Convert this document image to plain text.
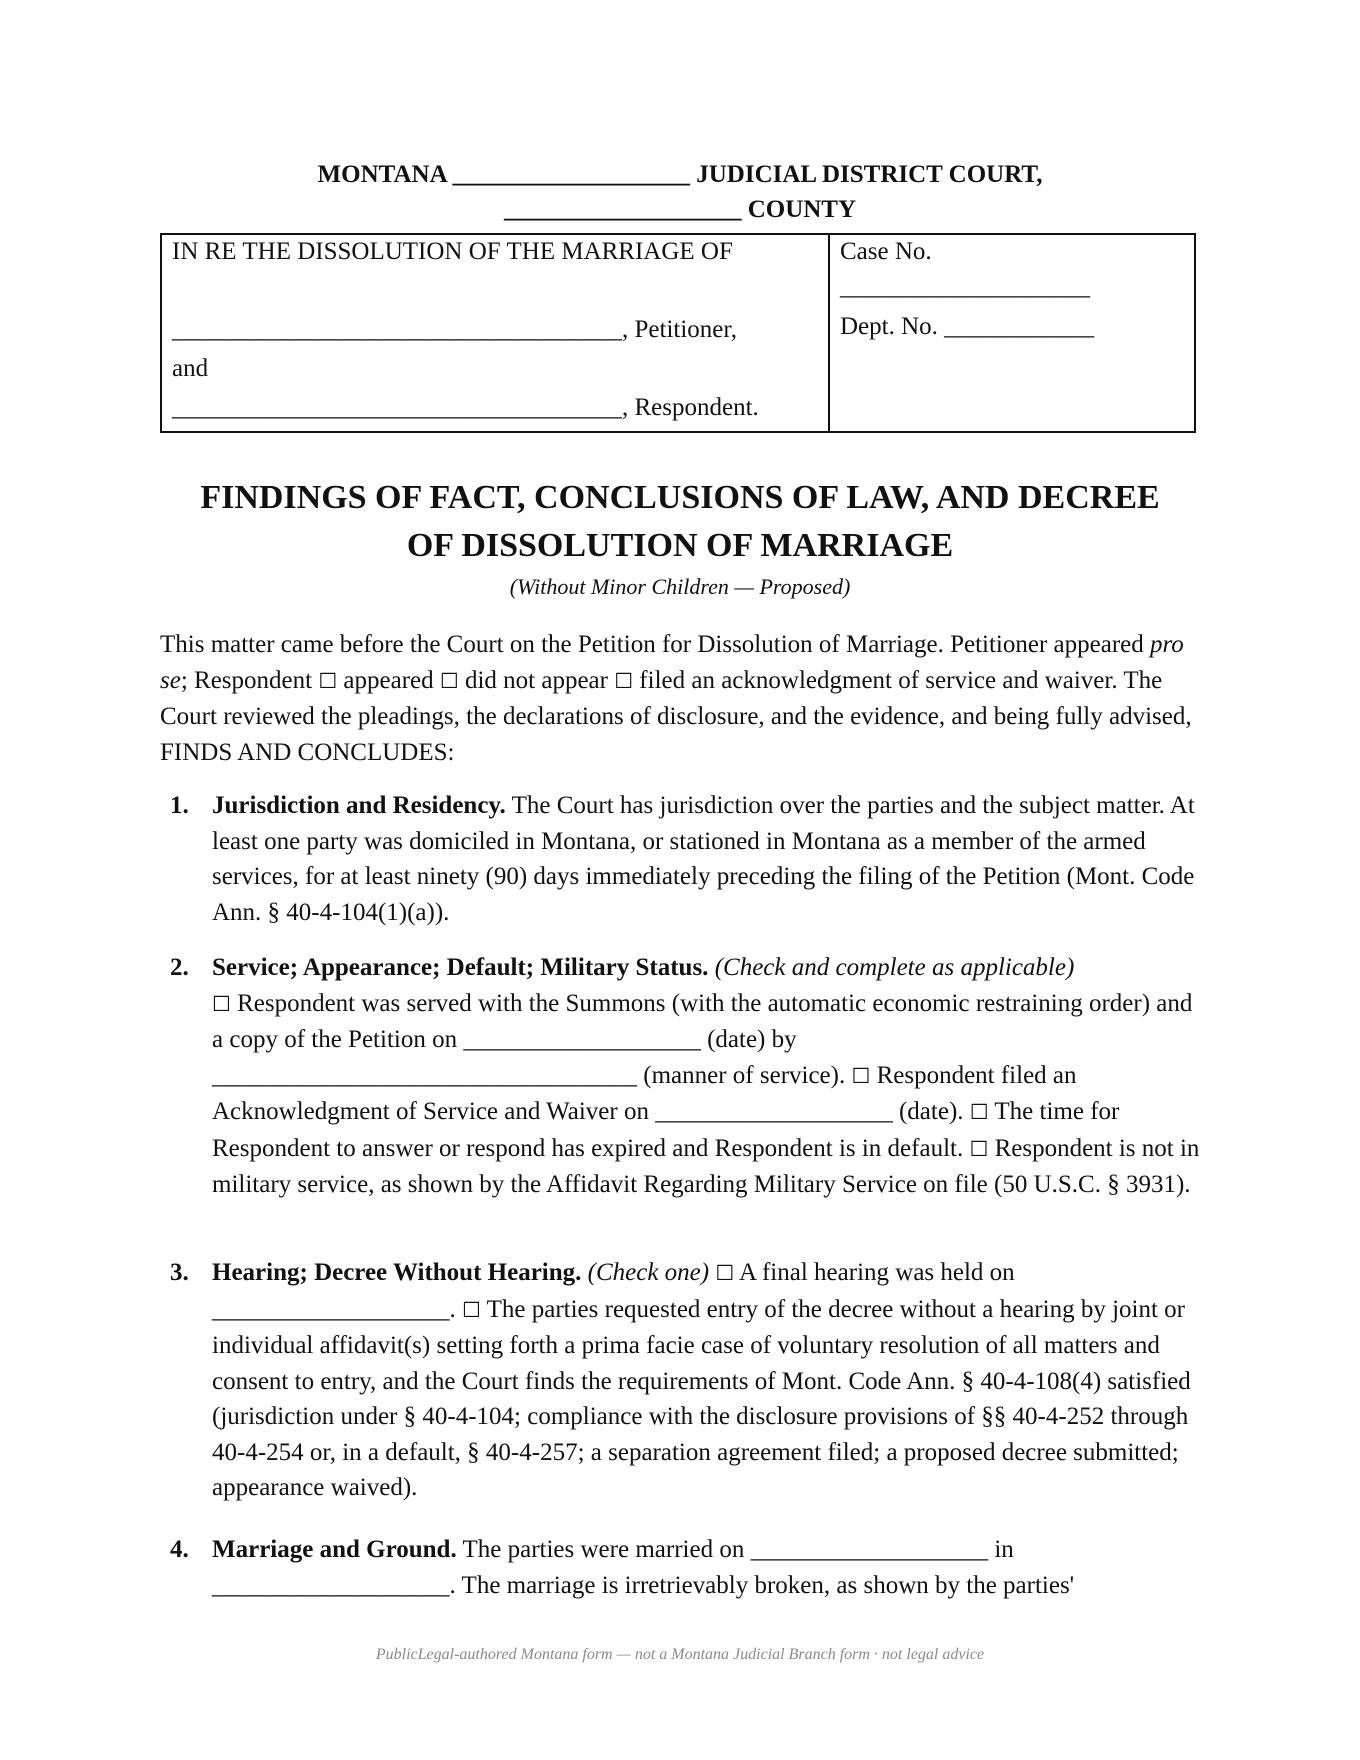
MONTANA ___________________ JUDICIAL DISTRICT COURT,
___________________ COUNTY
IN RE THE DISSOLUTION OF THE MARRIAGE OF
____________________________________, Petitioner,
and
____________________________________, Respondent.
Case No.
____________________
Dept. No. ____________
FINDINGS OF FACT, CONCLUSIONS OF LAW, AND DECREE
OF DISSOLUTION OF MARRIAGE
(Without Minor Children — Proposed)
This matter came before the Court on the Petition for Dissolution of Marriage. Petitioner appeared pro se; Respondent ☐ appeared ☐ did not appear ☐ filed an acknowledgment of service and waiver. The Court reviewed the pleadings, the declarations of disclosure, and the evidence, and being fully advised, FINDS AND CONCLUDES:
1. Jurisdiction and Residency. The Court has jurisdiction over the parties and the subject matter. At least one party was domiciled in Montana, or stationed in Montana as a member of the armed services, for at least ninety (90) days immediately preceding the filing of the Petition (Mont. Code Ann. § 40-4-104(1)(a)).
2. Service; Appearance; Default; Military Status. (Check and complete as applicable)
☐ Respondent was served with the Summons (with the automatic economic restraining order) and a copy of the Petition on ___________________ (date) by __________________________________ (manner of service). ☐ Respondent filed an Acknowledgment of Service and Waiver on ___________________ (date). ☐ The time for Respondent to answer or respond has expired and Respondent is in default. ☐ Respondent is not in military service, as shown by the Affidavit Regarding Military Service on file (50 U.S.C. § 3931).
3. Hearing; Decree Without Hearing. (Check one) ☐ A final hearing was held on ___________________. ☐ The parties requested entry of the decree without a hearing by joint or individual affidavit(s) setting forth a prima facie case of voluntary resolution of all matters and consent to entry, and the Court finds the requirements of Mont. Code Ann. § 40-4-108(4) satisfied (jurisdiction under § 40-4-104; compliance with the disclosure provisions of §§ 40-4-252 through 40-4-254 or, in a default, § 40-4-257; a separation agreement filed; a proposed decree submitted; appearance waived).
4. Marriage and Ground. The parties were married on ___________________ in ___________________. The marriage is irretrievably broken, as shown by the parties'
PublicLegal-authored Montana form — not a Montana Judicial Branch form · not legal advice
